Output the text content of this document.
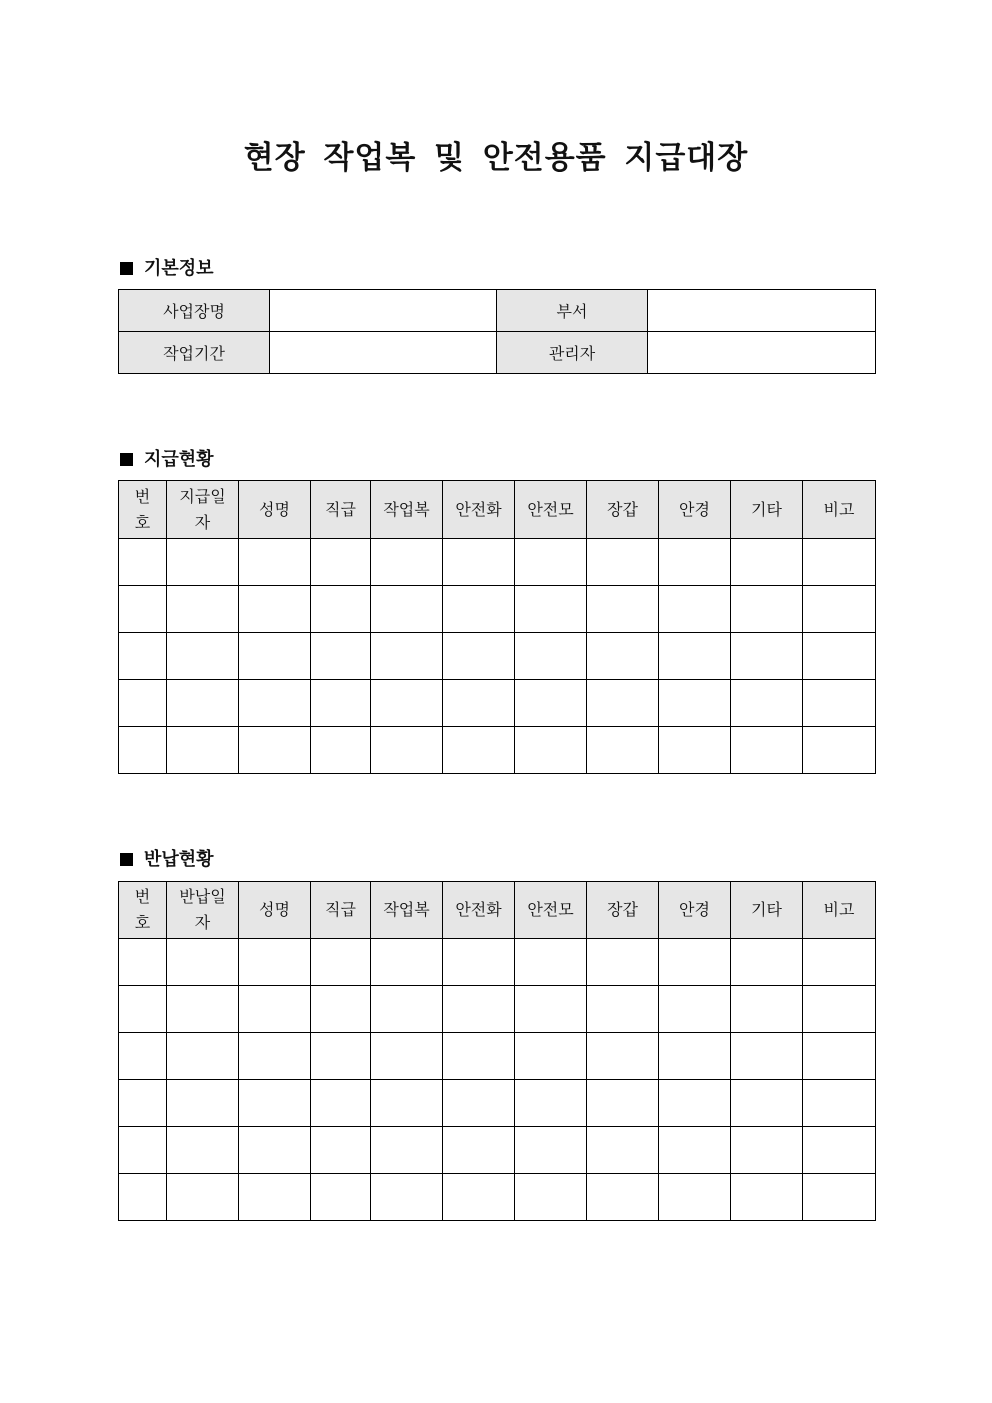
현장 작업복 및 안전용품 지급대장
기본정보
사업장명		부서	
작업기간		관리자	
지급현황
번호	지급일자	성명	직급	작업복	안전화	안전모	장갑	안경	기타	비고

반납현황
번호	반납일자	성명	직급	작업복	안전화	안전모	장갑	안경	기타	비고
